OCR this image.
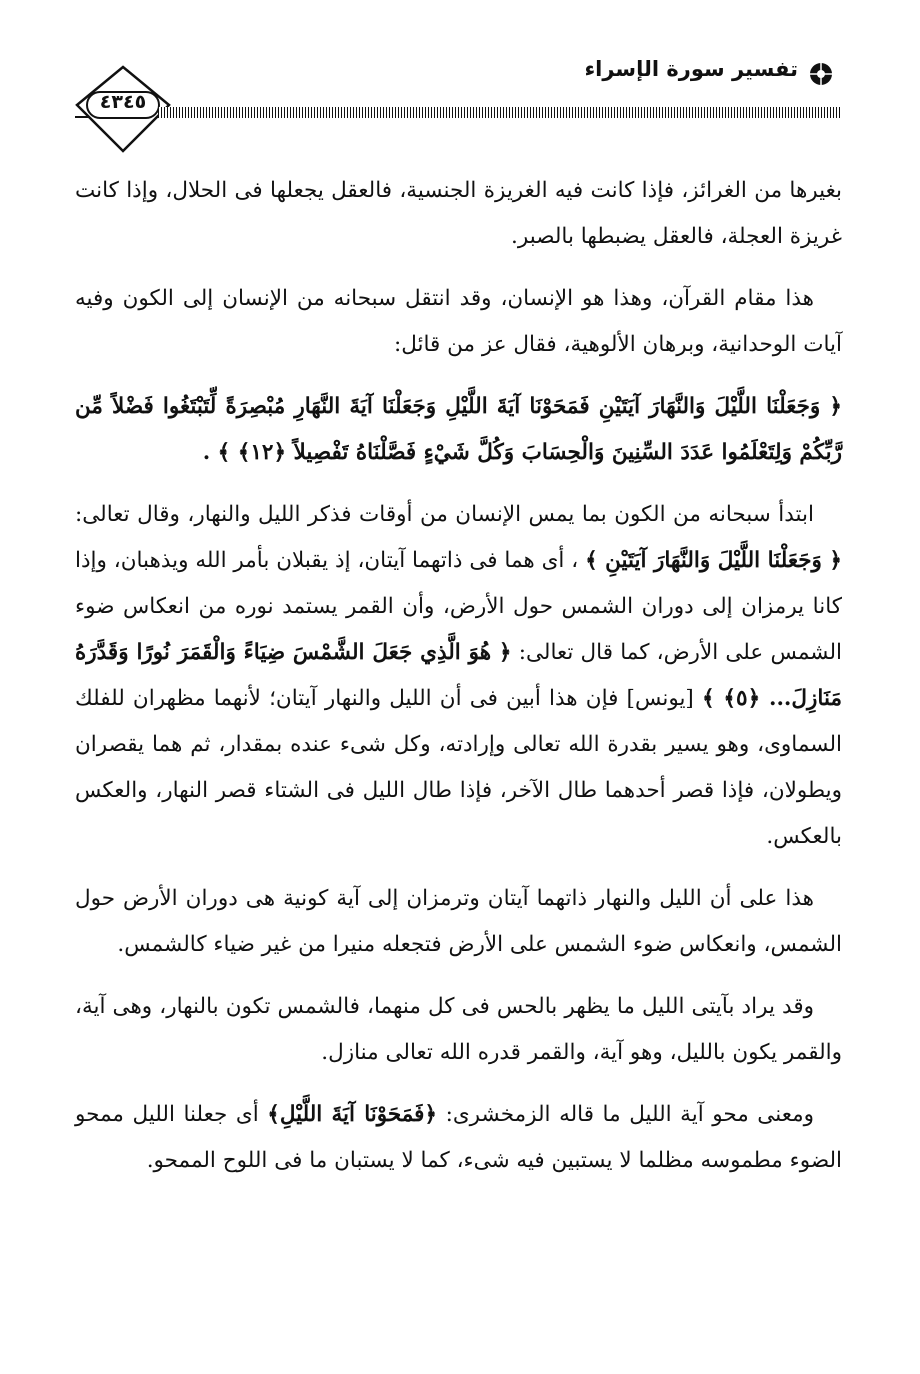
٤٣٤٥
تفسير سورة الإسراء

بغيرها من الغرائز، فإذا كانت فيه الغريزة الجنسية، فالعقل يجعلها فى الحلال، وإذا كانت غريزة العجلة، فالعقل يضبطها بالصبر.

هذا مقام القرآن، وهذا هو الإنسان، وقد انتقل سبحانه من الإنسان إلى الكون وفيه آيات الوحدانية، وبرهان الألوهية، فقال عز من قائل:

﴿ وَجَعَلْنَا اللَّيْلَ وَالنَّهَارَ آيَتَيْنِ فَمَحَوْنَا آيَةَ اللَّيْلِ وَجَعَلْنَا آيَةَ النَّهَارِ مُبْصِرَةً لِّتَبْتَغُوا فَضْلاً مِّن رَّبِّكُمْ وَلِتَعْلَمُوا عَدَدَ السِّنِينَ وَالْحِسَابَ وَكُلَّ شَيْءٍ فَصَّلْنَاهُ تَفْصِيلاً ﴿١٢﴾ ﴾ .

ابتدأ سبحانه من الكون بما يمس الإنسان من أوقات فذكر الليل والنهار، وقال تعالى: ﴿ وَجَعَلْنَا اللَّيْلَ وَالنَّهَارَ آيَتَيْنِ ﴾ ، أى هما فى ذاتهما آيتان، إذ يقبلان بأمر الله ويذهبان، وإذا كانا يرمزان إلى دوران الشمس حول الأرض، وأن القمر يستمد نوره من انعكاس ضوء الشمس على الأرض، كما قال تعالى: ﴿ هُوَ الَّذِي جَعَلَ الشَّمْسَ ضِيَاءً وَالْقَمَرَ نُورًا وَقَدَّرَهُ مَنَازِلَ... ﴿٥﴾ ﴾ [يونس] فإن هذا أبين فى أن الليل والنهار آيتان؛ لأنهما مظهران للفلك السماوى، وهو يسير بقدرة الله تعالى وإرادته، وكل شىء عنده بمقدار، ثم هما يقصران ويطولان، فإذا قصر أحدهما طال الآخر، فإذا طال الليل فى الشتاء قصر النهار، والعكس بالعكس.

هذا على أن الليل والنهار ذاتهما آيتان وترمزان إلى آية كونية هى دوران الأرض حول الشمس، وانعكاس ضوء الشمس على الأرض فتجعله منيرا من غير ضياء كالشمس.

وقد يراد بآيتى الليل ما يظهر بالحس فى كل منهما، فالشمس تكون بالنهار، وهى آية، والقمر يكون بالليل، وهو آية، والقمر قدره الله تعالى منازل.

ومعنى محو آية الليل ما قاله الزمخشرى: ﴿فَمَحَوْنَا آيَةَ اللَّيْلِ﴾ أى جعلنا الليل ممحو الضوء مطموسه مظلما لا يستبين فيه شىء، كما لا يستبان ما فى اللوح الممحو.
